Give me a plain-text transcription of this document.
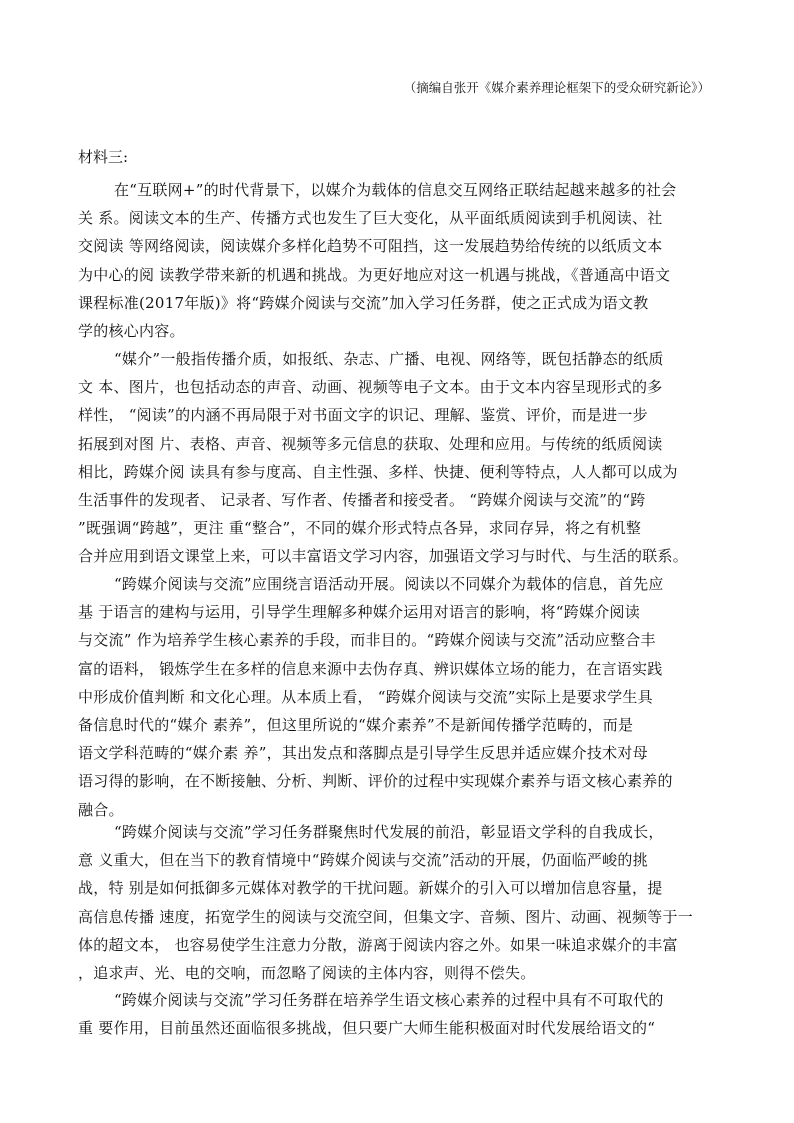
（摘编自张开《媒介素养理论框架下的受众研究新论》）
材料三:
在“互联网+”的时代背景下，以媒介为载体的信息交互网络正联结起越来越多的社会
关 系。阅读文本的生产、传播方式也发生了巨大变化，从平面纸质阅读到手机阅读、社
交阅读 等网络阅读，阅读媒介多样化趋势不可阻挡，这一发展趋势给传统的以纸质文本
为中心的阅 读教学带来新的机遇和挑战。为更好地应对这一机遇与挑战，《普通高中语文
课程标准(2017年版)》将“跨媒介阅读与交流”加入学习任务群，使之正式成为语文教
学的核心内容。
“媒介”一般指传播介质，如报纸、杂志、广播、电视、网络等，既包括静态的纸质
文 本、图片，也包括动态的声音、动画、视频等电子文本。由于文本内容呈现形式的多
样性， “阅读”的内涵不再局限于对书面文字的识记、理解、鉴赏、评价，而是进一步
拓展到对图 片、表格、声音、视频等多元信息的获取、处理和应用。与传统的纸质阅读
相比，跨媒介阅 读具有参与度高、自主性强、多样、快捷、便利等特点，人人都可以成为
生活事件的发现者、 记录者、写作者、传播者和接受者。 “跨媒介阅读与交流”的“跨
”既强调“跨越”，更注 重“整合”，不同的媒介形式特点各异，求同存异，将之有机整
合并应用到语文课堂上来，可以丰富语文学习内容，加强语文学习与时代、与生活的联系。
“跨媒介阅读与交流”应围绕言语活动开展。阅读以不同媒介为载体的信息，首先应
基 于语言的建构与运用，引导学生理解多种媒介运用对语言的影响，将“跨媒介阅读
与交流” 作为培养学生核心素养的手段，而非目的。“跨媒介阅读与交流”活动应整合丰
富的语料， 锻炼学生在多样的信息来源中去伪存真、辨识媒体立场的能力，在言语实践
中形成价值判断 和文化心理。从本质上看， “跨媒介阅读与交流”实际上是要求学生具
备信息时代的“媒介 素养”，但这里所说的“媒介素养”不是新闻传播学范畴的，而是
语文学科范畴的“媒介素 养”，其出发点和落脚点是引导学生反思并适应媒介技术对母
语习得的影响，在不断接触、分析、判断、评价的过程中实现媒介素养与语文核心素养的
融合。
“跨媒介阅读与交流”学习任务群聚焦时代发展的前沿，彰显语文学科的自我成长，
意 义重大，但在当下的教育情境中“跨媒介阅读与交流”活动的开展，仍面临严峻的挑
战，特 别是如何抵御多元媒体对教学的干扰问题。新媒介的引入可以增加信息容量，提
高信息传播 速度，拓宽学生的阅读与交流空间，但集文字、音频、图片、动画、视频等于一
体的超文本， 也容易使学生注意力分散，游离于阅读内容之外。如果一味追求媒介的丰富
，追求声、光、电的交响，而忽略了阅读的主体内容，则得不偿失。
“跨媒介阅读与交流”学习任务群在培养学生语文核心素养的过程中具有不可取代的
重 要作用，目前虽然还面临很多挑战，但只要广大师生能积极面对时代发展给语文的“
